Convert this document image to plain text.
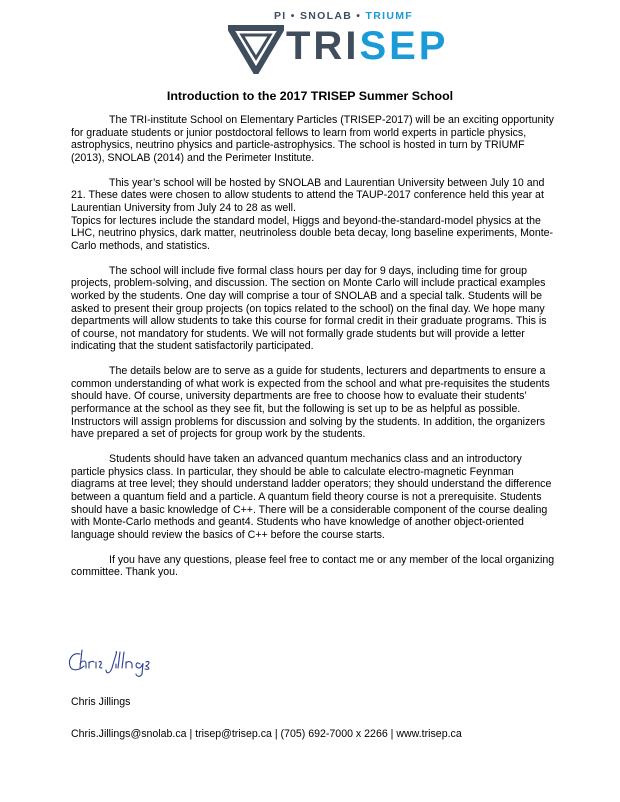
PI • SNOLAB • TRIUMF
TRISEP
Introduction to the 2017 TRISEP Summer School

The TRI-institute School on Elementary Particles (TRISEP-2017) will be an exciting opportunity for graduate students or junior postdoctoral fellows to learn from world experts in particle physics, astrophysics, neutrino physics and particle-astrophysics. The school is hosted in turn by TRIUMF (2013), SNOLAB (2014) and the Perimeter Institute.

This year’s school will be hosted by SNOLAB and Laurentian University between July 10 and 21. These dates were chosen to allow students to attend the TAUP-2017 conference held this year at Laurentian University from July 24 to 28 as well.

Topics for lectures include the standard model, Higgs and beyond-the-standard-model physics at the LHC, neutrino physics, dark matter, neutrinoless double beta decay, long baseline experiments, Monte-Carlo methods, and statistics.

The school will include five formal class hours per day for 9 days, including time for group projects, problem-solving, and discussion. The section on Monte Carlo will include practical examples worked by the students. One day will comprise a tour of SNOLAB and a special talk. Students will be asked to present their group projects (on topics related to the school) on the final day. We hope many departments will allow students to take this course for formal credit in their graduate programs. This is of course, not mandatory for students. We will not formally grade students but will provide a letter indicating that the student satisfactorily participated.

The details below are to serve as a guide for students, lecturers and departments to ensure a common understanding of what work is expected from the school and what pre-requisites the students should have. Of course, university departments are free to choose how to evaluate their students’ performance at the school as they see fit, but the following is set up to be as helpful as possible. Instructors will assign problems for discussion and solving by the students. In addition, the organizers have prepared a set of projects for group work by the students.

Students should have taken an advanced quantum mechanics class and an introductory particle physics class. In particular, they should be able to calculate electro-magnetic Feynman diagrams at tree level; they should understand ladder operators; they should understand the difference between a quantum field and a particle. A quantum field theory course is not a prerequisite. Students should have a basic knowledge of C++. There will be a considerable component of the course dealing with Monte-Carlo methods and geant4. Students who have knowledge of another object-oriented language should review the basics of C++ before the course starts.

If you have any questions, please feel free to contact me or any member of the local organizing committee. Thank you.

Chris Jillings
Chris.Jillings@snolab.ca | trisep@trisep.ca | (705) 692-7000 x 2266 | www.trisep.ca
